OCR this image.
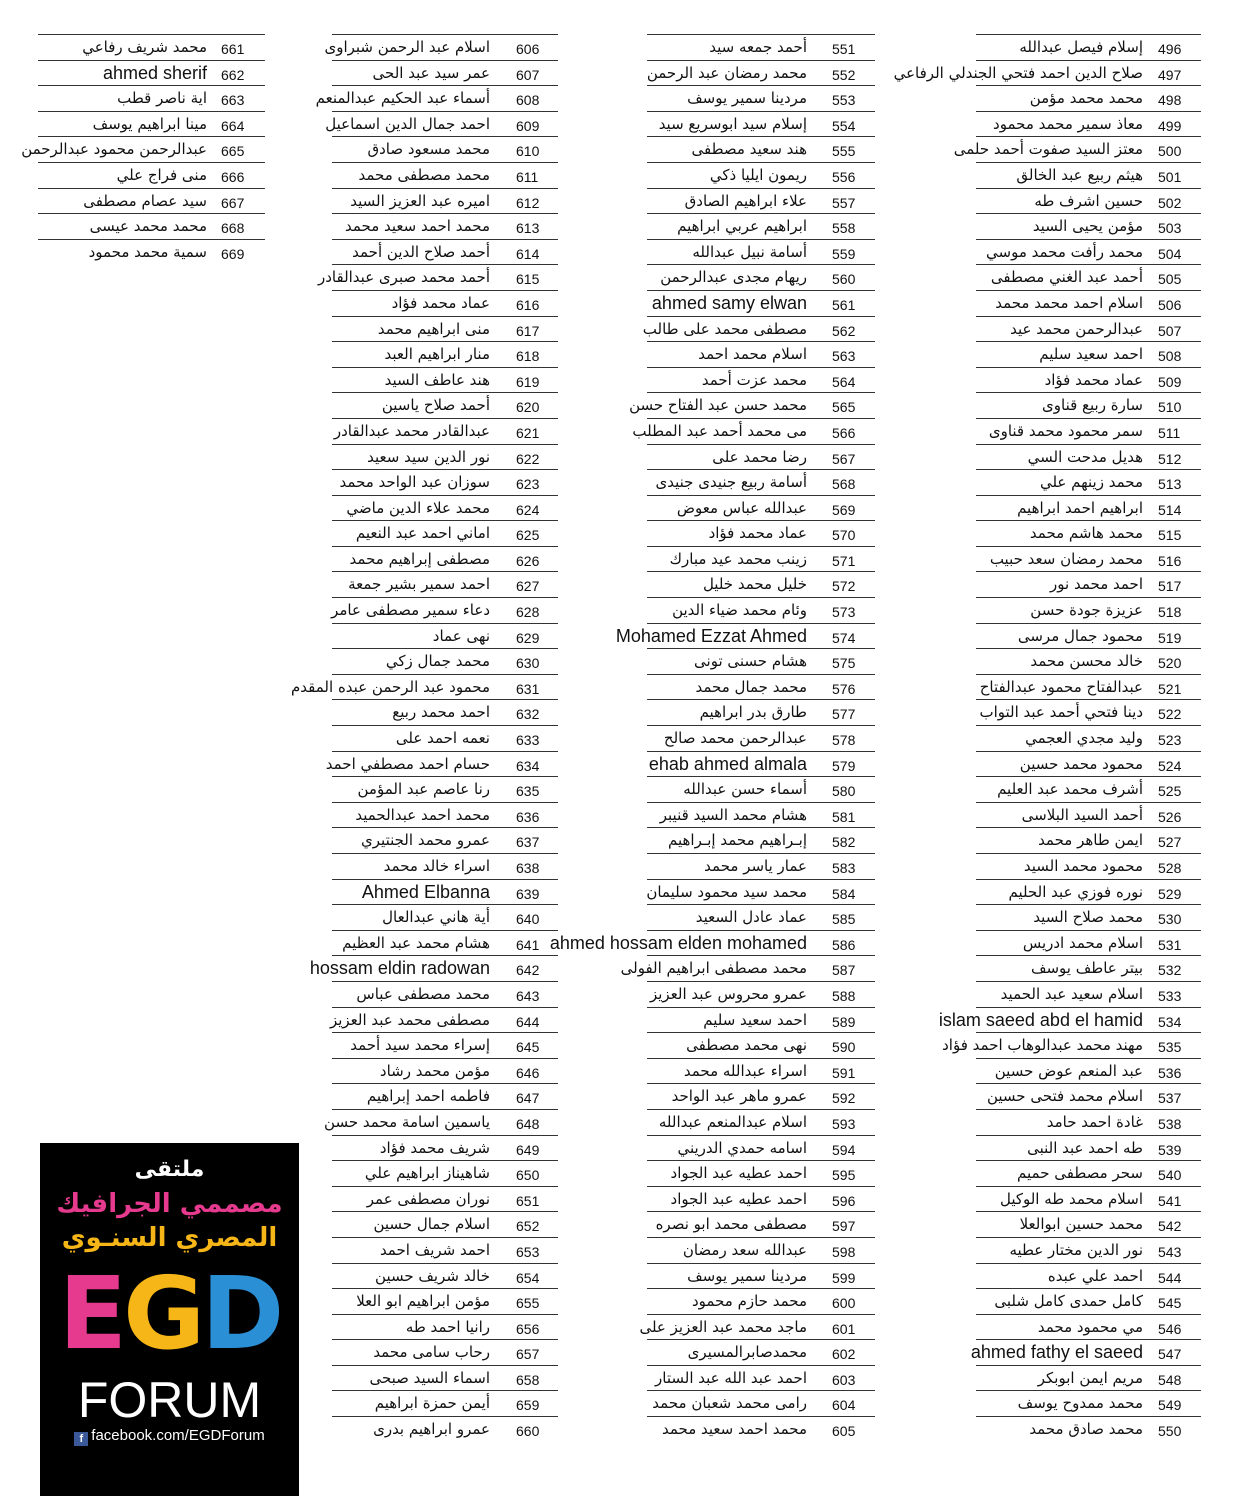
496
إسلام فيصل عبدالله
497
صلاح الدين احمد فتحي الجندلي الرفاعي
498
محمد محمد مؤمن
499
معاذ سمير محمد محمود
500
معتز السيد صفوت أحمد حلمى
501
هيثم ربيع عبد الخالق
502
حسين اشرف طه
503
مؤمن يحيى السيد
504
محمد رأفت محمد موسي
505
أحمد عبد الغني مصطفى
506
اسلام احمد محمد محمد
507
عبدالرحمن محمد عيد
508
احمد سعيد سليم
509
عماد محمد فؤاد
510
سارة ربيع قناوى
511
سمر محمود محمد قناوى
512
هديل مدحت السي
513
محمد زينهم علي
514
ابراهيم احمد ابراهيم
515
محمد هاشم محمد
516
محمد رمضان سعد حبيب
517
احمد محمد نور
518
عزيزة جودة حسن
519
محمود جمال مرسى
520
خالد محسن محمد
521
عبدالفتاح محمود عبدالفتاح
522
دينا فتحي أحمد عبد التواب
523
وليد مجدي العجمي
524
محمود محمد حسين
525
أشرف محمد عبد العليم
526
أحمد السيد البلاسى
527
ايمن طاهر محمد
528
محمود محمد السيد
529
نوره فوزي عبد الحليم
530
محمد صلاح السيد
531
اسلام محمد ادريس
532
بيتر عاطف يوسف
533
اسلام سعيد عبد الحميد
534
islam saeed abd el hamid
535
مهند محمد عبدالوهاب احمد فؤاد
536
عبد المنعم عوض حسين
537
اسلام محمد فتحى حسين
538
غادة احمد حامد
539
طه احمد عبد النبى
540
سحر مصطفى حميم
541
اسلام محمد طه الوكيل
542
محمد حسين ابوالعلا
543
نور الدين مختار عطيه
544
احمد علي عبده
545
كامل حمدى كامل شلبى
546
مي محمود محمد
547
ahmed fathy el saeed
548
مريم ايمن ابوبكر
549
محمد ممدوح يوسف
550
محمد صادق محمد
551
أحمد جمعه سيد
552
محمد رمضان عبد الرحمن
553
مردينا سمير يوسف
554
إسلام سيد ابوسريع سيد
555
هند سعيد مصطفى
556
ريمون ايليا ذكي
557
علاء ابراهيم الصادق
558
ابراهيم عربي ابراهيم
559
أسامة نبيل عبدالله
560
ريهام مجدى عبدالرحمن
561
ahmed samy elwan
562
مصطفى محمد على طالب
563
اسلام محمد احمد
564
محمد عزت أحمد
565
محمد حسن عبد الفتاح حسن
566
مى محمد أحمد عبد المطلب
567
رضا محمد على
568
أسامة ربيع جنيدى جنيدى
569
عبدالله عباس معوض
570
عماد محمد فؤاد
571
زينب محمد عيد مبارك
572
خليل محمد خليل
573
وئام محمد ضياء الدين
574
Mohamed Ezzat Ahmed
575
هشام حسنى تونى
576
محمد جمال محمد
577
طارق بدر ابراهيم
578
عبدالرحمن محمد صالح
579
ehab ahmed almala
580
أسماء حسن عبدالله
581
هشام محمد السيد قنيبر
582
إبـراهيم محمد إبـراهيم
583
عمار ياسر محمد
584
محمد سيد محمود سليمان
585
عماد عادل السعيد
586
ahmed hossam elden mohamed
587
محمد مصطفى ابراهيم الفولى
588
عمرو محروس عبد العزيز
589
احمد سعيد سليم
590
نهى محمد مصطفى
591
اسراء عبدالله محمد
592
عمرو ماهر عبد الواحد
593
اسلام عبدالمنعم عبدالله
594
اسامه حمدي الدريني
595
احمد عطيه عبد الجواد
596
احمد عطيه عبد الجواد
597
مصطفى محمد ابو نصره
598
عبدالله سعد رمضان
599
مردينا سمير يوسف
600
محمد حازم محمود
601
ماجد محمد عبد العزيز على
602
محمدصابرالمسيرى
603
احمد عبد الله عبد الستار
604
رامى محمد شعبان محمد
605
محمد احمد سعيد محمد
606
اسلام عبد الرحمن شبراوى
607
عمر سيد عبد الحى
608
أسماء عبد الحكيم عبدالمنعم
609
احمد جمال الدين اسماعيل
610
محمد مسعود صادق
611
محمد مصطفى محمد
612
اميره عبد العزيز السيد
613
محمد احمد سعيد محمد
614
أحمد صلاح الدين أحمد
615
أحمد محمد صبرى عبدالقادر
616
عماد محمد فؤاد
617
منى ابراهيم محمد
618
منار ابراهيم العبد
619
هند عاطف السيد
620
أحمد صلاح ياسين
621
عبدالقادر محمد عبدالقادر
622
نور الدين سيد سعيد
623
سوزان عبد الواحد محمد
624
محمد علاء الدين ماضي
625
اماني احمد عبد النعيم
626
مصطفى إبراهيم محمد
627
احمد سمير بشير جمعة
628
دعاء سمير مصطفى عامر
629
نهى عماد
630
محمد جمال زكي
631
محمود عبد الرحمن عبده المقدم
632
احمد محمد ربيع
633
نعمه احمد على
634
حسام احمد مصطفي احمد
635
رنا عاصم عبد المؤمن
636
محمد احمد عبدالحميد
637
عمرو محمد الجنتيري
638
اسراء خالد محمد
639
Ahmed Elbanna
640
أية هاني عبدالعال
641
هشام محمد عبد العظيم
642
hossam eldin radowan
643
محمد مصطفى عباس
644
مصطفى محمد عبد العزيز
645
إسراء محمد سيد أحمد
646
مؤمن محمد رشاد
647
فاطمه احمد إبراهيم
648
ياسمين اسامة محمد حسن
649
شريف محمد فؤاد
650
شاهيناز ابراهيم علي
651
نوران مصطفى عمر
652
اسلام جمال حسين
653
احمد شريف احمد
654
خالد شريف حسين
655
مؤمن ابراهيم ابو العلا
656
رانيا احمد طه
657
رحاب سامى محمد
658
اسماء السيد صبحى
659
أيمن حمزة ابراهيم
660
عمرو ابراهيم بدرى
661
محمد شريف رفاعي
662
ahmed sherif
663
اية ناصر قطب
664
مينا ابراهيم يوسف
665
عبدالرحمن محمود عبدالرحمن
666
منى فراج علي
667
سيد عصام مصطفى
668
محمد محمد عيسى
669
سمية محمد محمود
ملتقى
مصممي الجرافيك
المصري السنـوي
EGD
FORUM
f facebook.com/EGDForum
